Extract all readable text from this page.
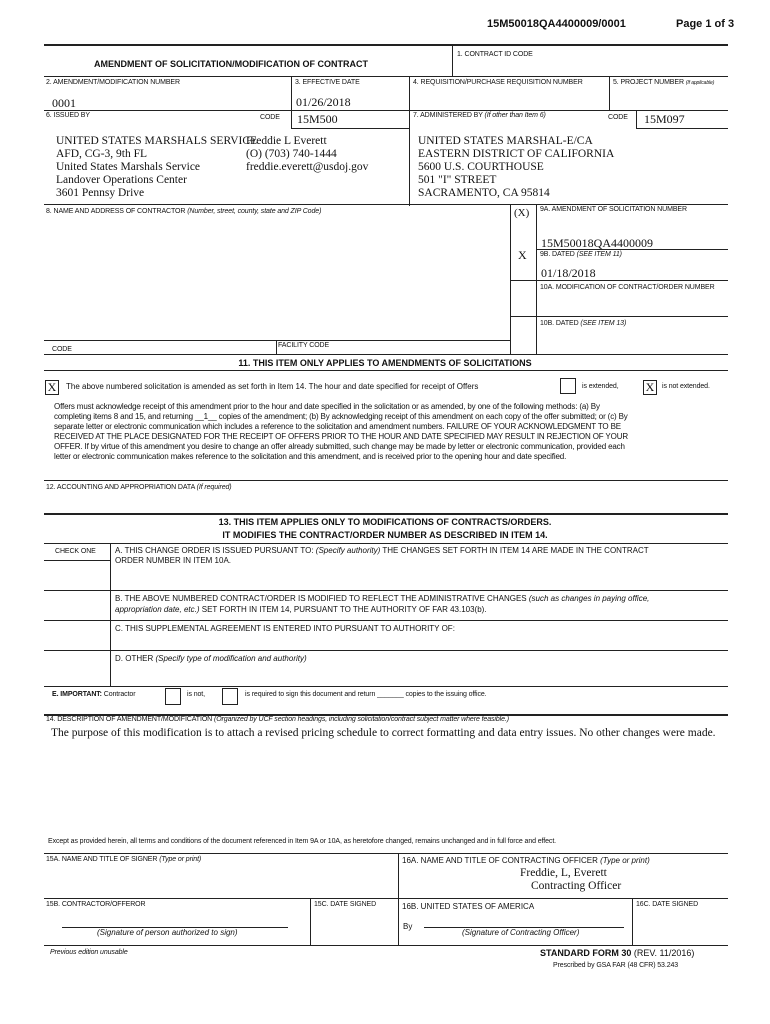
15M50018QA4400009/0001	Page 1 of 3
AMENDMENT OF SOLICITATION/MODIFICATION OF CONTRACT
1. CONTRACT ID CODE
2. AMENDMENT/MODIFICATION NUMBER
0001
3. EFFECTIVE DATE
01/26/2018
4. REQUISITION/PURCHASE REQUISITION NUMBER	5. PROJECT NUMBER (If applicable)
6. ISSUED BY	CODE 15M500
UNITED STATES MARSHALS SERVICE
AFD, CG-3, 9th FL
United States Marshals Service
Landover Operations Center
3601 Pennsy Drive
Freddie L Everett
(O) (703) 740-1444
freddie.everett@usdoj.gov
7. ADMINISTERED BY (If other than Item 6)	CODE 15M097
UNITED STATES MARSHAL-E/CA
EASTERN DISTRICT OF CALIFORNIA
5600 U.S. COURTHOUSE
501 "I" STREET
SACRAMENTO, CA 95814
8. NAME AND ADDRESS OF CONTRACTOR (Number, street, county, state and ZIP Code)	(X) 9A. AMENDMENT OF SOLICITATION NUMBER
15M50018QA4400009
X 9B. DATED (SEE ITEM 11)
01/18/2018
10A. MODIFICATION OF CONTRACT/ORDER NUMBER
10B. DATED (SEE ITEM 13)
CODE
FACILITY CODE
11. THIS ITEM ONLY APPLIES TO AMENDMENTS OF SOLICITATIONS
X	The above numbered solicitation is amended as set forth in Item 14. The hour and date specified for receipt of Offers	is extended, X	is not extended.
Offers must acknowledge receipt of this amendment prior to the hour and date specified in the solicitation or as amended, by one of the following methods: (a) By
completing items 8 and 15, and returning __1__ copies of the amendment; (b) By acknowledging receipt of this amendment on each copy of the offer submitted; or (c) By
separate letter or electronic communication which includes a reference to the solicitation and amendment numbers. FAILURE OF YOUR ACKNOWLEDGMENT TO BE
RECEIVED AT THE PLACE DESIGNATED FOR THE RECEIPT OF OFFERS PRIOR TO THE HOUR AND DATE SPECIFIED MAY RESULT IN REJECTION OF YOUR
OFFER. If by virtue of this amendment you desire to change an offer already submitted, such change may be made by letter or electronic communication, provided each
letter or electronic communication makes reference to the solicitation and this amendment, and is received prior to the opening hour and date specified.
12. ACCOUNTING AND APPROPRIATION DATA (If required)
13. THIS ITEM APPLIES ONLY TO MODIFICATIONS OF CONTRACTS/ORDERS.
IT MODIFIES THE CONTRACT/ORDER NUMBER AS DESCRIBED IN ITEM 14.
CHECK ONE A. THIS CHANGE ORDER IS ISSUED PURSUANT TO: (Specify authority) THE CHANGES SET FORTH IN ITEM 14 ARE MADE IN THE CONTRACT
ORDER NUMBER IN ITEM 10A.
B. THE ABOVE NUMBERED CONTRACT/ORDER IS MODIFIED TO REFLECT THE ADMINISTRATIVE CHANGES (such as changes in paying office,
appropriation date, etc.) SET FORTH IN ITEM 14, PURSUANT TO THE AUTHORITY OF FAR 43.103(b).
C. THIS SUPPLEMENTAL AGREEMENT IS ENTERED INTO PURSUANT TO AUTHORITY OF:
D. OTHER (Specify type of modification and authority)
E. IMPORTANT: Contractor	is not,	is required to sign this document and return _______ copies to the issuing office.
14. DESCRIPTION OF AMENDMENT/MODIFICATION (Organized by UCF section headings, including solicitation/contract subject matter where feasible.)
The purpose of this modification is to attach a revised pricing schedule to correct formatting and data entry issues. No other changes were made.
Except as provided herein, all terms and conditions of the document referenced in Item 9A or 10A, as heretofore changed, remains unchanged and in full force and effect.
15A. NAME AND TITLE OF SIGNER (Type or print)	16A. NAME AND TITLE OF CONTRACTING OFFICER (Type or print)
Freddie, L, Everett
Contracting Officer
15B. CONTRACTOR/OFFEROR
(Signature of person authorized to sign)
15C. DATE SIGNED	16B. UNITED STATES OF AMERICA
By
(Signature of Contracting Officer)
16C. DATE SIGNED
Previous edition unusable	STANDARD FORM 30 (REV. 11/2016)
Prescribed by GSA FAR (48 CFR) 53.243
